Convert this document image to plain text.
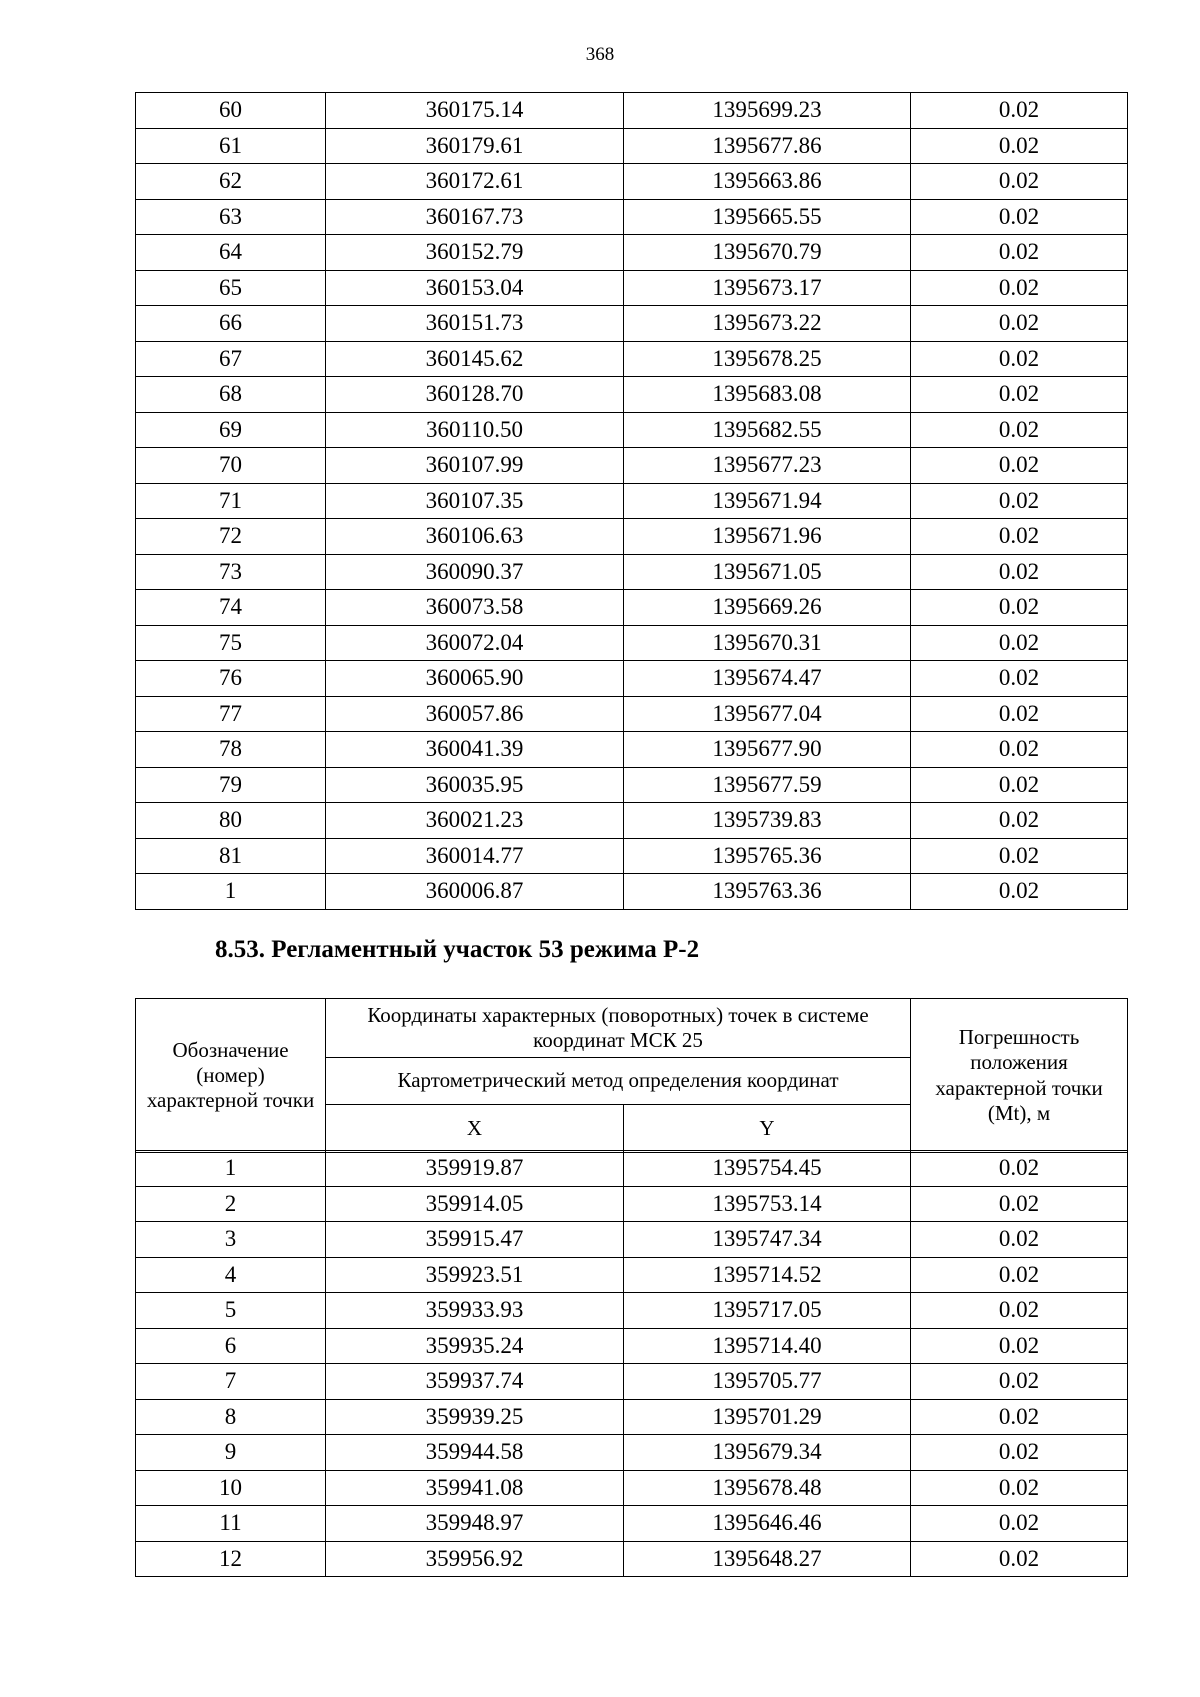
368
60	360175.14	1395699.23	0.02
61	360179.61	1395677.86	0.02
62	360172.61	1395663.86	0.02
63	360167.73	1395665.55	0.02
64	360152.79	1395670.79	0.02
65	360153.04	1395673.17	0.02
66	360151.73	1395673.22	0.02
67	360145.62	1395678.25	0.02
68	360128.70	1395683.08	0.02
69	360110.50	1395682.55	0.02
70	360107.99	1395677.23	0.02
71	360107.35	1395671.94	0.02
72	360106.63	1395671.96	0.02
73	360090.37	1395671.05	0.02
74	360073.58	1395669.26	0.02
75	360072.04	1395670.31	0.02
76	360065.90	1395674.47	0.02
77	360057.86	1395677.04	0.02
78	360041.39	1395677.90	0.02
79	360035.95	1395677.59	0.02
80	360021.23	1395739.83	0.02
81	360014.77	1395765.36	0.02
1	360006.87	1395763.36	0.02
8.53. Регламентный участок 53 режима Р-2
Обозначение (номер) характерной точки	Координаты характерных (поворотных) точек в системе координат МСК 25		Погрешность положения характерной точки (Mt), м
	Картометрический метод определения координат		
	X	Y	
1	359919.87	1395754.45	0.02
2	359914.05	1395753.14	0.02
3	359915.47	1395747.34	0.02
4	359923.51	1395714.52	0.02
5	359933.93	1395717.05	0.02
6	359935.24	1395714.40	0.02
7	359937.74	1395705.77	0.02
8	359939.25	1395701.29	0.02
9	359944.58	1395679.34	0.02
10	359941.08	1395678.48	0.02
11	359948.97	1395646.46	0.02
12	359956.92	1395648.27	0.02
